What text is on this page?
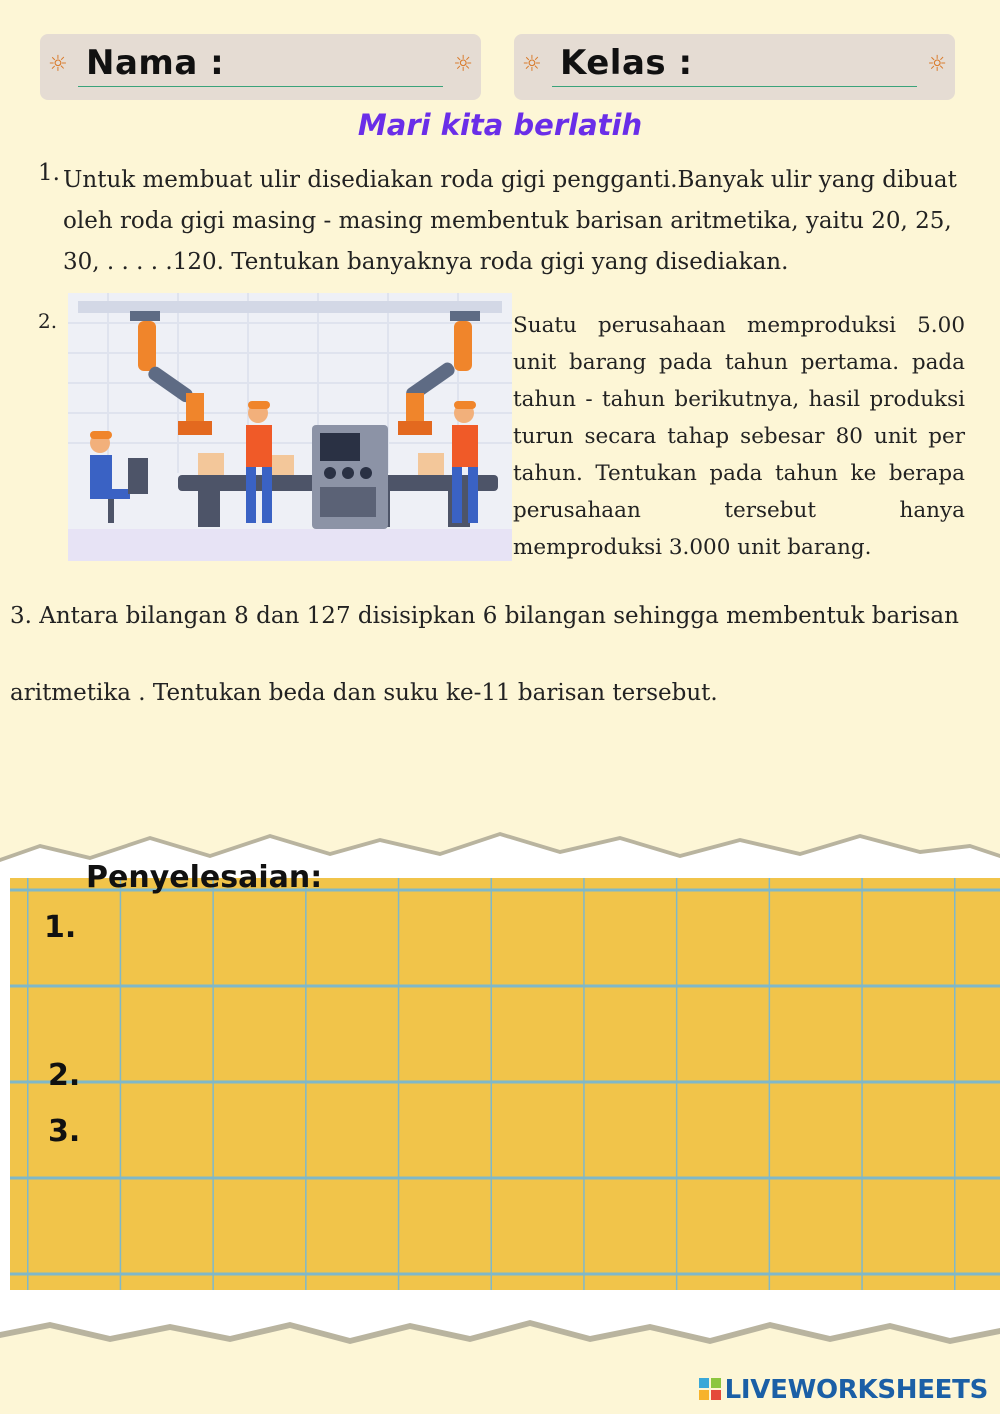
☼ Nama :	☼ ☼ Kelas :	☼
Mari kita berlatih
1. Untuk membuat ulir disediakan roda gigi pengganti.Banyak ulir yang dibuat
oleh roda gigi masing - masing membentuk barisan aritmetika, yaitu 20, 25,
30, . . . . .120. Tentukan banyaknya roda gigi yang disediakan.
2.	Suatu perusahaan memproduksi 5.00 unit barang pada tahun pertama. pada tahun - tahun berikutnya, hasil produksi turun secara tahap sebesar 80 unit per tahun. Tentukan pada tahun ke berapa perusahaan tersebut hanya memproduksi 3.000 unit barang.
3. Antara bilangan 8 dan 127 disisipkan 6 bilangan sehingga membentuk barisan
aritmetika . Tentukan beda dan suku ke-11 barisan tersebut.
Penyelesaian:
1.
2.
3.
LIVEWORKSHEETS
